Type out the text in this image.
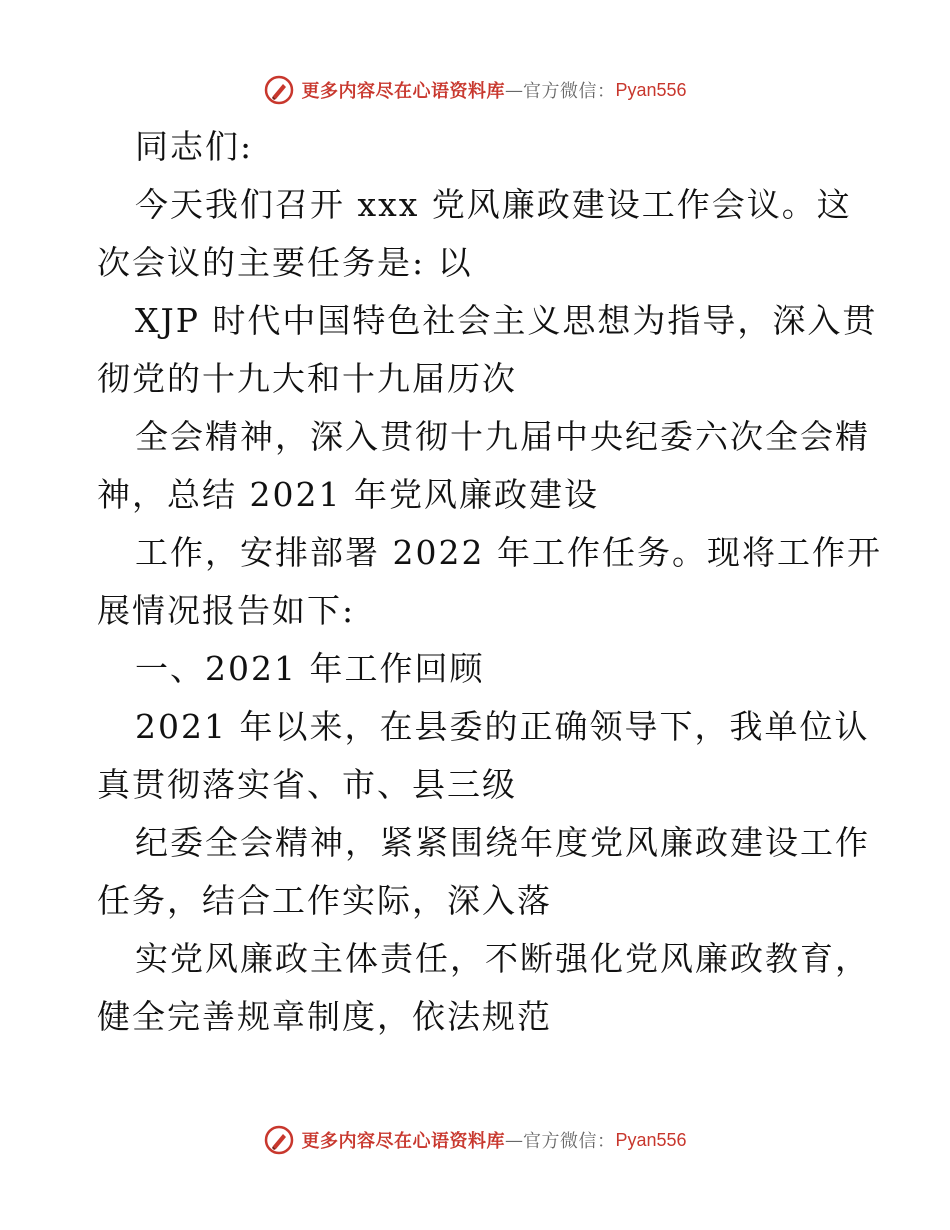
更多内容尽在心语资料库 — 官方微信： Pyan556
同志们:
今天我们召开 xxx 党风廉政建设工作会议。这
次会议的主要任务是: 以
XJP 时代中国特色社会主义思想为指导，深入贯
彻党的十九大和十九届历次
全会精神，深入贯彻十九届中央纪委六次全会精
神，总结 2021 年党风廉政建设
工作，安排部署 2022 年工作任务。现将工作开
展情况报告如下:
一、2021 年工作回顾
2021 年以来，在县委的正确领导下，我单位认
真贯彻落实省、市、县三级
纪委全会精神，紧紧围绕年度党风廉政建设工作
任务，结合工作实际，深入落
实党风廉政主体责任，不断强化党风廉政教育，
健全完善规章制度，依法规范
更多内容尽在心语资料库 — 官方微信： Pyan556
